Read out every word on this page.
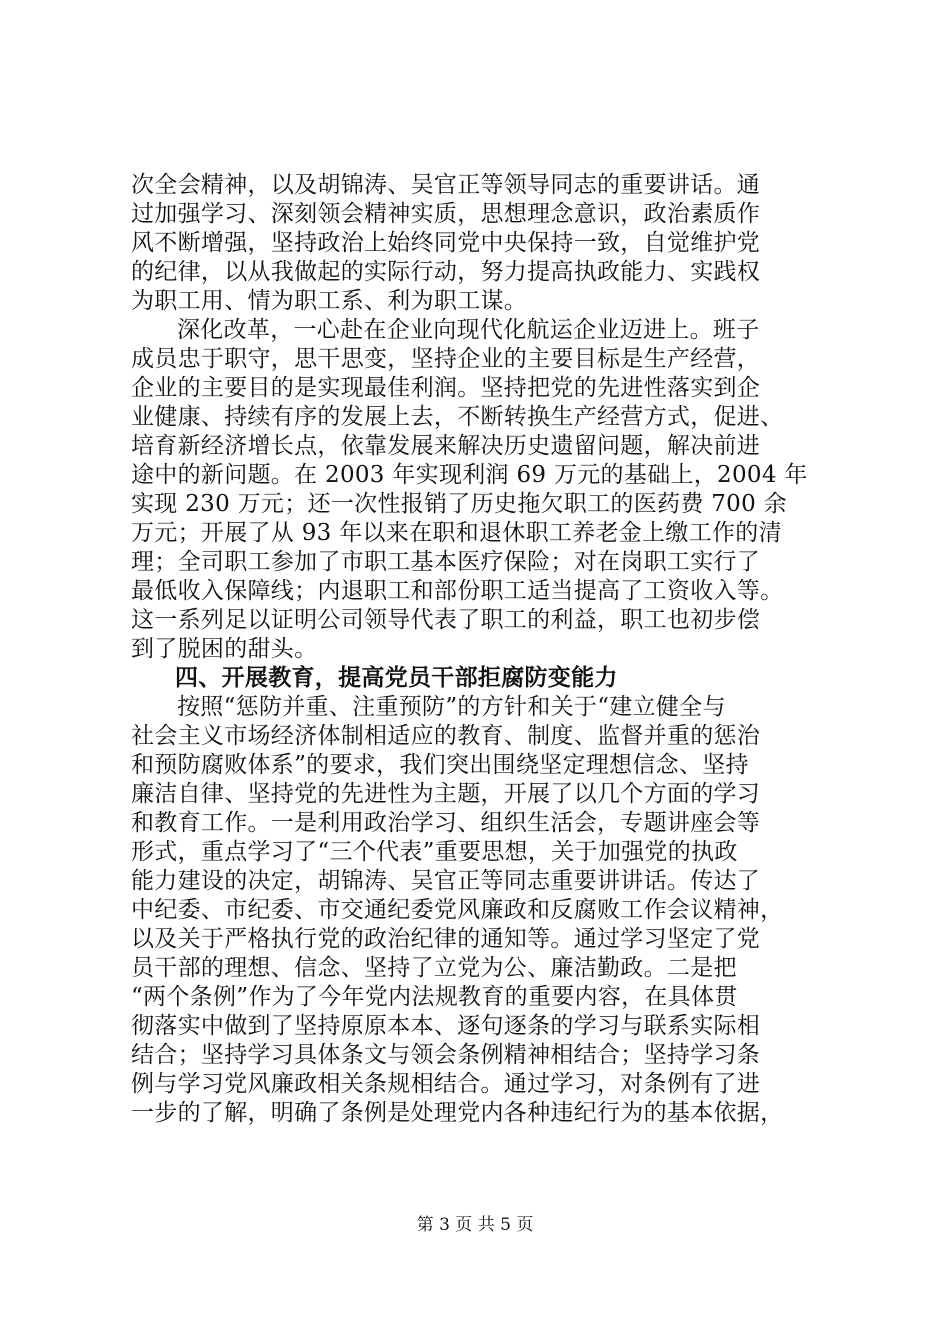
次全会精神，以及胡锦涛、吴官正等领导同志的重要讲话。通
过加强学习、深刻领会精神实质，思想理念意识，政治素质作
风不断增强，坚持政治上始终同党中央保持一致，自觉维护党
的纪律，以从我做起的实际行动，努力提高执政能力、实践权
为职工用、情为职工系、利为职工谋。
深化改革，一心赴在企业向现代化航运企业迈进上。班子
成员忠于职守，思干思变，坚持企业的主要目标是生产经营，
企业的主要目的是实现最佳利润。坚持把党的先进性落实到企
业健康、持续有序的发展上去，不断转换生产经营方式，促进、
培育新经济增长点，依靠发展来解决历史遗留问题，解决前进
途中的新问题。在 2003 年实现利润 69 万元的基础上，2004 年
实现 230 万元；还一次性报销了历史拖欠职工的医药费 700 余
万元；开展了从 93 年以来在职和退休职工养老金上缴工作的清
理；全司职工参加了市职工基本医疗保险；对在岗职工实行了
最低收入保障线；内退职工和部份职工适当提高了工资收入等。
这一系列足以证明公司领导代表了职工的利益，职工也初步偿
到了脱困的甜头。
四、开展教育，提高党员干部拒腐防变能力
按照“惩防并重、注重预防”的方针和关于“建立健全与
社会主义市场经济体制相适应的教育、制度、监督并重的惩治
和预防腐败体系”的要求，我们突出围绕坚定理想信念、坚持
廉洁自律、坚持党的先进性为主题，开展了以几个方面的学习
和教育工作。一是利用政治学习、组织生活会，专题讲座会等
形式，重点学习了“三个代表”重要思想，关于加强党的执政
能力建设的决定，胡锦涛、吴官正等同志重要讲讲话。传达了
中纪委、市纪委、市交通纪委党风廉政和反腐败工作会议精神，
以及关于严格执行党的政治纪律的通知等。通过学习坚定了党
员干部的理想、信念、坚持了立党为公、廉洁勤政。二是把
“两个条例”作为了今年党内法规教育的重要内容，在具体贯
彻落实中做到了坚持原原本本、逐句逐条的学习与联系实际相
结合；坚持学习具体条文与领会条例精神相结合；坚持学习条
例与学习党风廉政相关条规相结合。通过学习，对条例有了进
一步的了解，明确了条例是处理党内各种违纪行为的基本依据，
第 3 页 共 5 页
